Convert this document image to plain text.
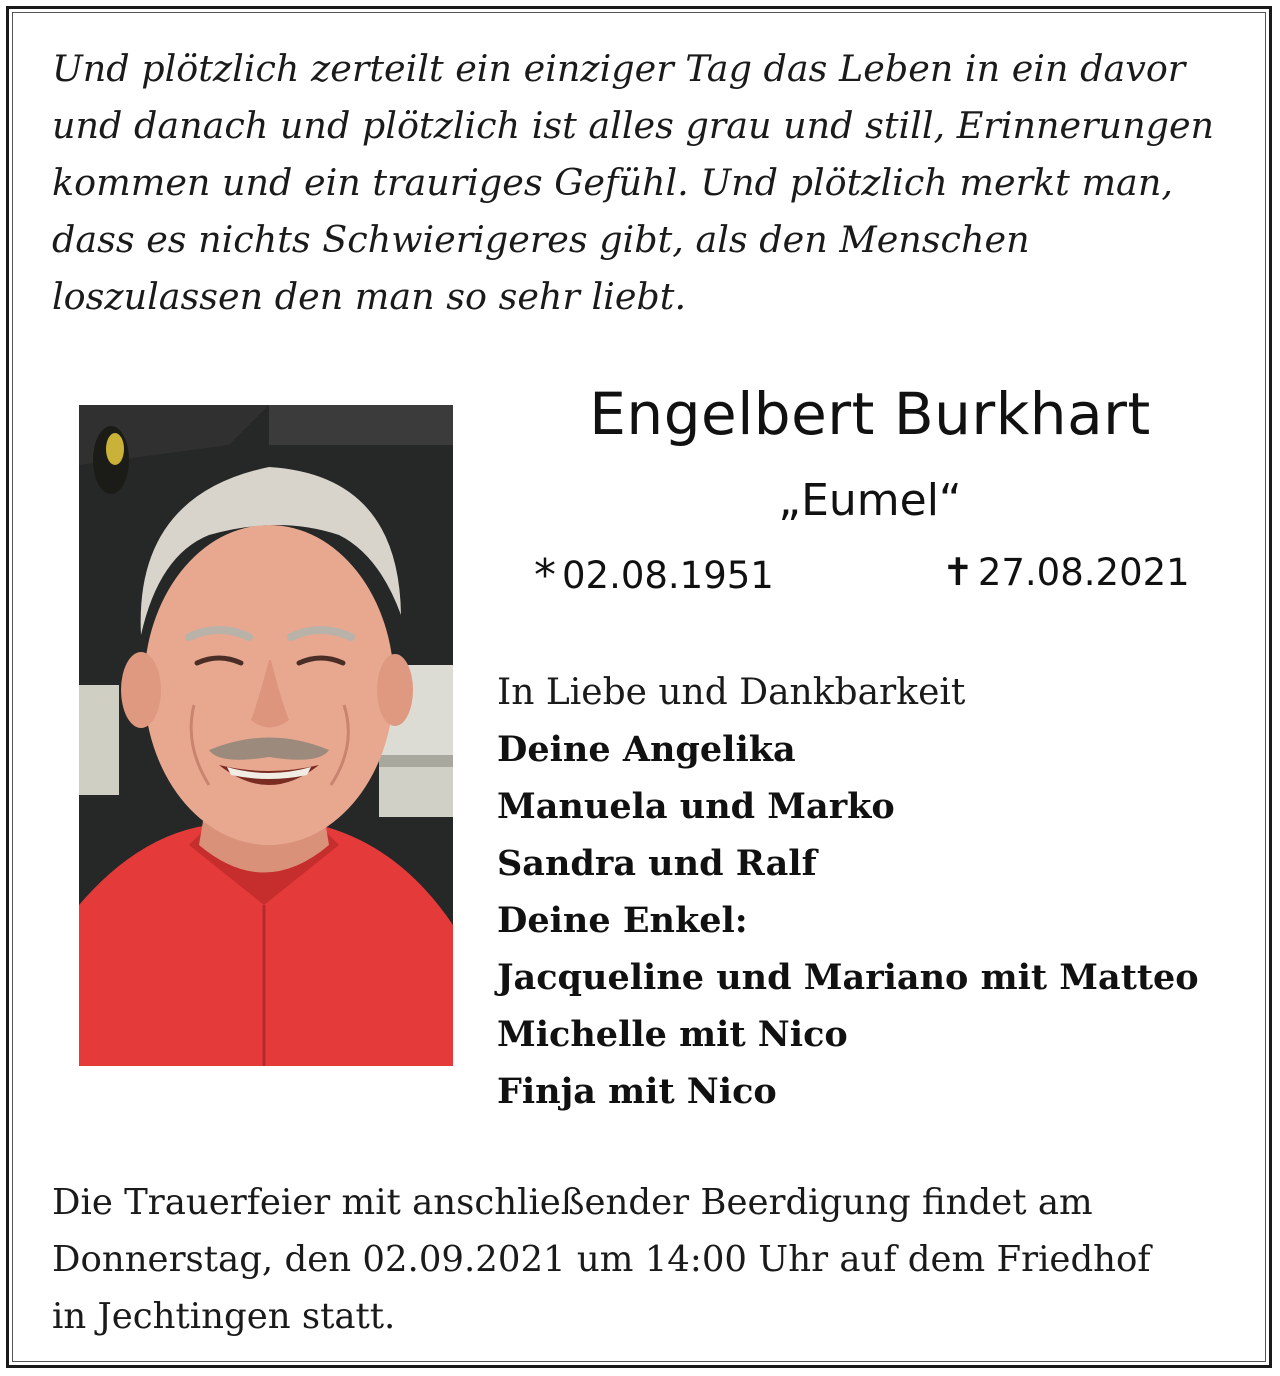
Und plötzlich zerteilt ein einziger Tag das Leben in ein davor
und danach und plötzlich ist alles grau und still, Erinnerungen
kommen und ein trauriges Gefühl. Und plötzlich merkt man,
dass es nichts Schwierigeres gibt, als den Menschen
loszulassen den man so sehr liebt.
Engelbert Burkhart
„Eumel“
* 02.08.1951	✝ 27.08.2021
In Liebe und Dankbarkeit
Deine Angelika
Manuela und Marko
Sandra und Ralf
Deine Enkel:
Jacqueline und Mariano mit Matteo
Michelle mit Nico
Finja mit Nico
Die Trauerfeier mit anschließender Beerdigung findet am
Donnerstag, den 02.09.2021 um 14:00 Uhr auf dem Friedhof
in Jechtingen statt.
